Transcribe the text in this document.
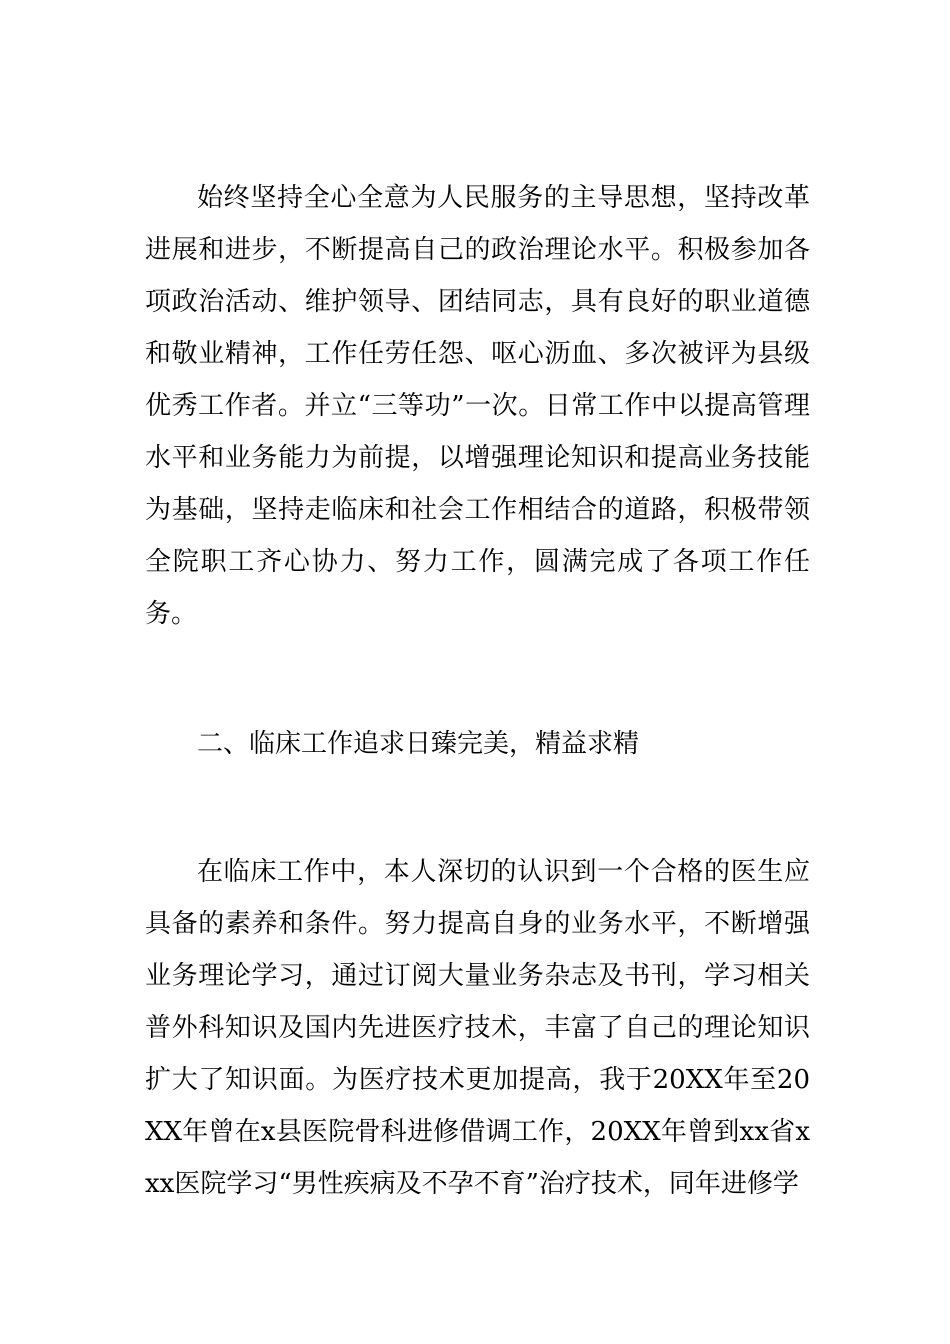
始终坚持全心全意为人民服务的主导思想，坚持改革进展和进步，不断提高自己的政治理论水平。积极参加各项政治活动、维护领导、团结同志，具有良好的职业道德和敬业精神，工作任劳任怨、呕心沥血、多次被评为县级优秀工作者。并立“三等功”一次。日常工作中以提高管理水平和业务能力为前提，以增强理论知识和提高业务技能为基础，坚持走临床和社会工作相结合的道路，积极带领全院职工齐心协力、努力工作，圆满完成了各项工作任务。

二、临床工作追求日臻完美，精益求精

在临床工作中，本人深切的认识到一个合格的医生应具备的素养和条件。努力提高自身的业务水平，不断增强业务理论学习，通过订阅大量业务杂志及书刊，学习相关普外科知识及国内先进医疗技术，丰富了自己的理论知识扩大了知识面。为医疗技术更加提高，我于20XX年至20XX年曾在x县医院骨科进修借调工作，20XX年曾到xx省xxx医院学习“男性疾病及不孕不育”治疗技术，同年进修学
